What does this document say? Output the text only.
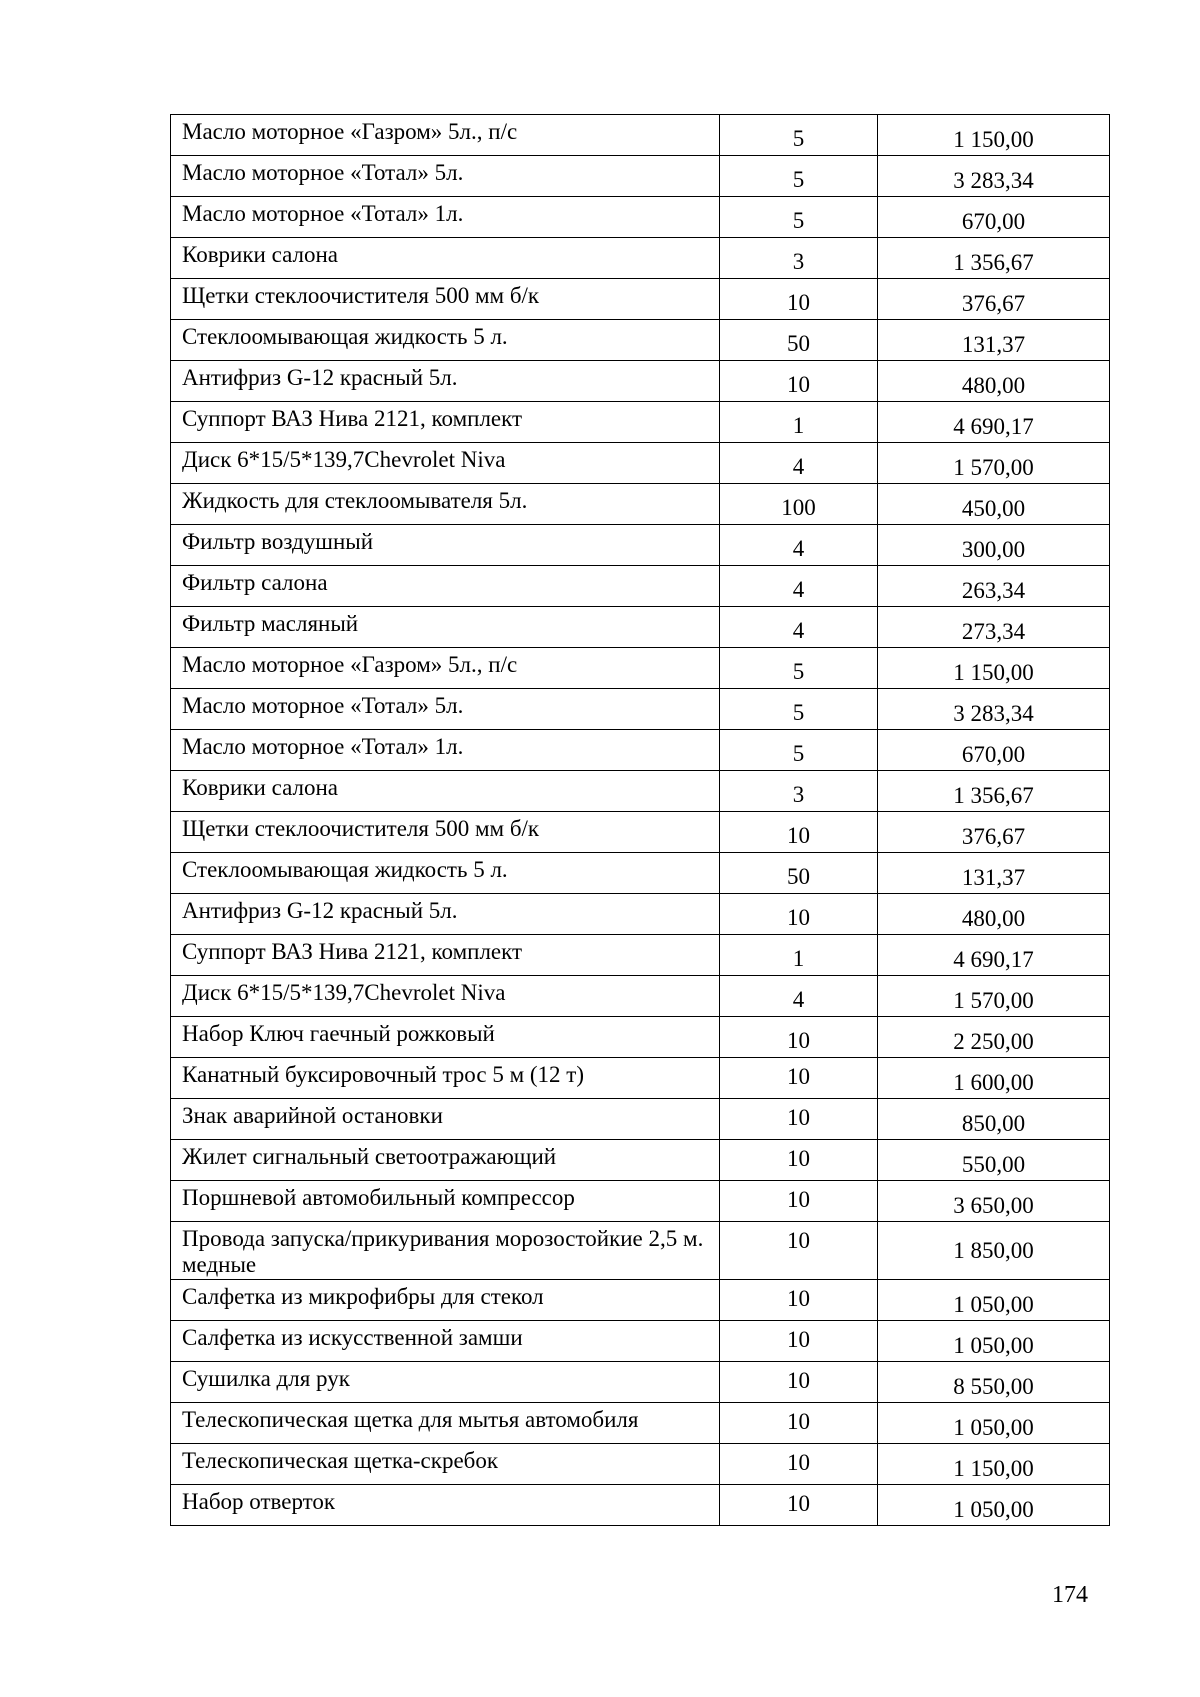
Масло моторное «Газром» 5л., п/с	5	1 150,00
Масло моторное «Тотал» 5л.	5	3 283,34
Масло моторное «Тотал» 1л.	5	670,00
Коврики салона	3	1 356,67
Щетки стеклоочистителя 500 мм б/к	10	376,67
Стеклоомывающая жидкость 5 л.	50	131,37
Антифриз G-12 красный 5л.	10	480,00
Суппорт ВАЗ Нива 2121, комплект	1	4 690,17
Диск 6*15/5*139,7Chevrolet Niva	4	1 570,00
Жидкость для стеклоомывателя 5л.	100	450,00
Фильтр воздушный	4	300,00
Фильтр салона	4	263,34
Фильтр масляный	4	273,34
Масло моторное «Газром» 5л., п/с	5	1 150,00
Масло моторное «Тотал» 5л.	5	3 283,34
Масло моторное «Тотал» 1л.	5	670,00
Коврики салона	3	1 356,67
Щетки стеклоочистителя 500 мм б/к	10	376,67
Стеклоомывающая жидкость 5 л.	50	131,37
Антифриз G-12 красный 5л.	10	480,00
Суппорт ВАЗ Нива 2121, комплект	1	4 690,17
Диск 6*15/5*139,7Chevrolet Niva	4	1 570,00
Набор Ключ гаечный рожковый	10	2 250,00
Канатный буксировочный трос 5 м (12 т)	10	1 600,00
Знак аварийной остановки	10	850,00
Жилет сигнальный светоотражающий	10	550,00
Поршневой автомобильный компрессор	10	3 650,00
Провода запуска/прикуривания морозостойкие 2,5 м. медные	10	1 850,00
Салфетка из микрофибры для стекол	10	1 050,00
Салфетка из искусственной замши	10	1 050,00
Сушилка для рук	10	8 550,00
Телескопическая щетка для мытья автомобиля	10	1 050,00
Телескопическая щетка-скребок	10	1 150,00
Набор отверток	10	1 050,00
174
